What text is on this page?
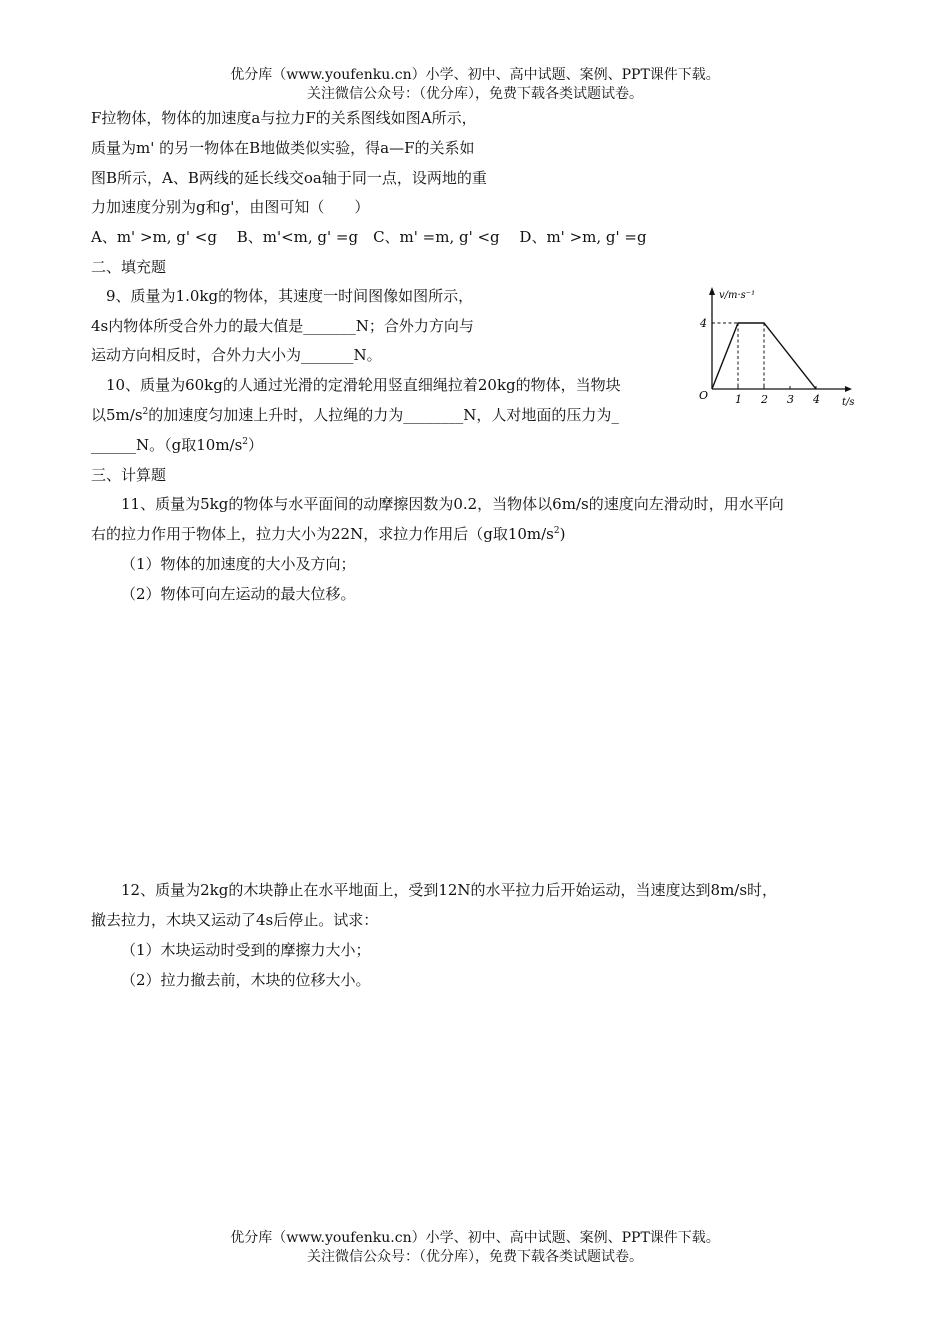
优分库（www.youfenku.cn）小学、初中、高中试题、案例、PPT课件下载。
关注微信公众号：（优分库），免费下载各类试题试卷。
F拉物体，物体的加速度a与拉力F的关系图线如图A所示，
质量为m' 的另一物体在B地做类似实验，得a—F的关系如
图B所示，A、B两线的延长线交oa轴于同一点，设两地的重
力加速度分别为g和g'，由图可知（　　）
A、m' >m, g' <g　 B、m'<m, g' =g　C、m' =m, g' <g　 D、m' >m, g' =g
二、填充题
9、质量为1.0kg的物体，其速度一时间图像如图所示，
4s内物体所受合外力的最大值是_______N；合外力方向与
运动方向相反时，合外力大小为_______N。
1 2 3 4
4
v/m·s⁻¹
t/s
O
10、质量为60kg的人通过光滑的定滑轮用竖直细绳拉着20kg的物体，当物块
以$5m/s^2$的加速度匀加速上升时，人拉绳的力为________N，人对地面的压力为_
______N。（g取$10m/s^2$）
三、计算题
11、质量为5kg的物体与水平面间的动摩擦因数为0.2，当物体以6m/s的速度向左滑动时，用水平向
右的拉力作用于物体上，拉力大小为22N，求拉力作用后（g取$10m/s^2$)
（1）物体的加速度的大小及方向；
（2）物体可向左运动的最大位移。
12、质量为2kg的木块静止在水平地面上，受到12N的水平拉力后开始运动，当速度达到8m/s时，
撤去拉力，木块又运动了4s后停止。试求：
（1）木块运动时受到的摩擦力大小；
（2）拉力撤去前，木块的位移大小。
优分库（www.youfenku.cn）小学、初中、高中试题、案例、PPT课件下载。
关注微信公众号：（优分库），免费下载各类试题试卷。
